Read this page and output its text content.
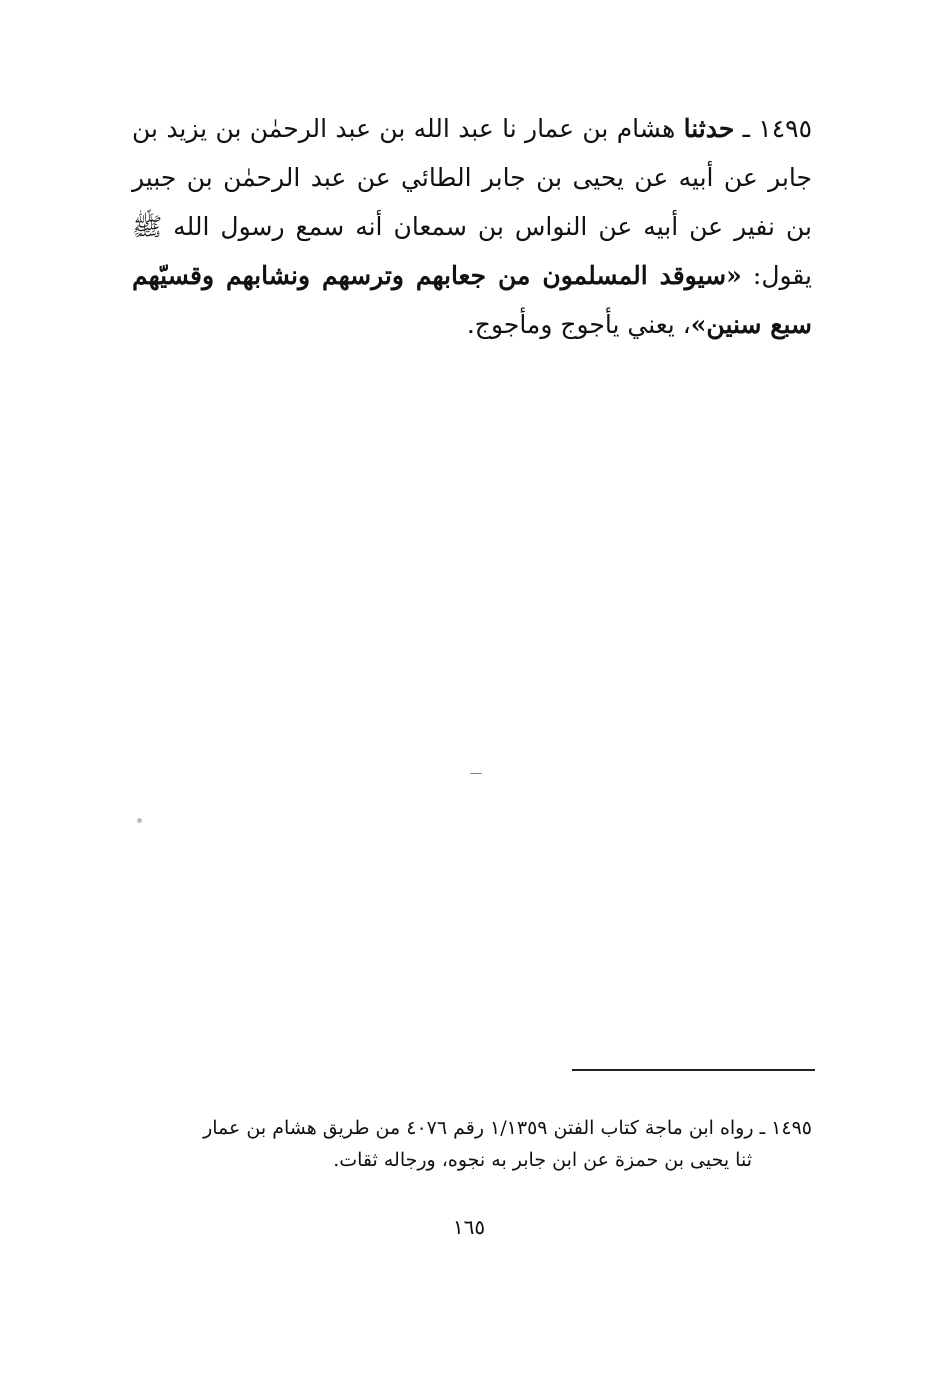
١٤٩٥ ـ حدثنا هشام بن عمار نا عبد الله بن عبد الرحمٰن بن يزيد بن جابر عن أبيه عن يحيى بن جابر الطائي عن عبد الرحمٰن بن جبير بن نفير عن أبيه عن النواس بن سمعان أنه سمع رسول الله ﷺ يقول: «سيوقد المسلمون من جعابهم وترسهم ونشابهم وقسيّهم سبع سنين»، يعني يأجوج ومأجوج.
١٤٩٥ ـ رواه ابن ماجة كتاب الفتن ١/١٣٥٩ رقم ٤٠٧٦ من طريق هشام بن عمار
ثنا يحيى بن حمزة عن ابن جابر به نجوه، ورجاله ثقات.
١٦٥
